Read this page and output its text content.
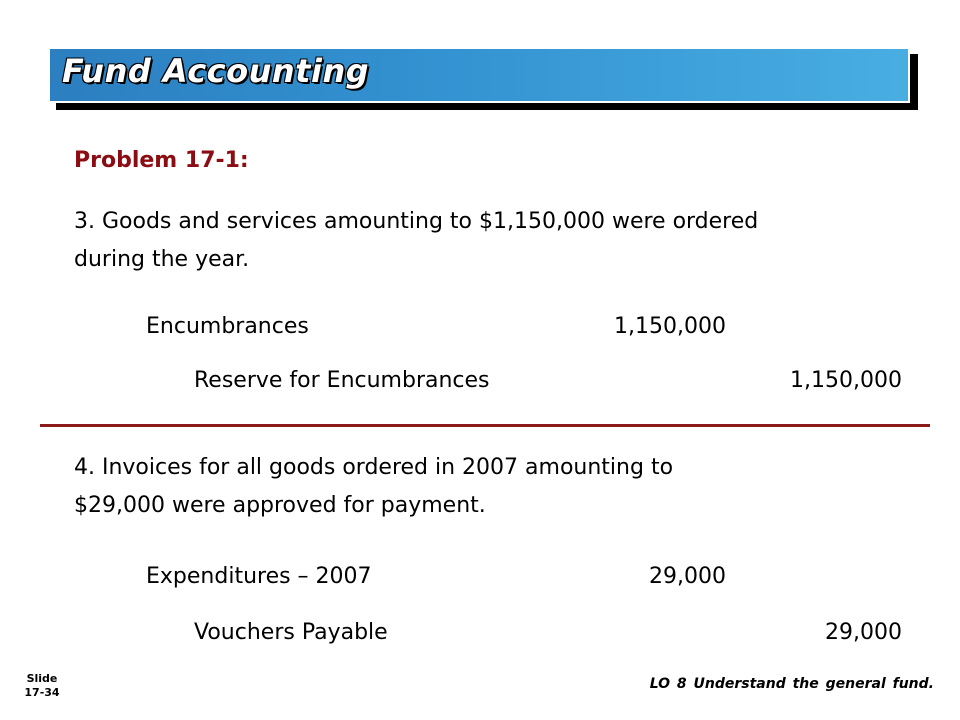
Fund Accounting
Problem 17-1:
3. Goods and services amounting to $1,150,000 were ordered
during the year.
Encumbrances	1,150,000
Reserve for Encumbrances	1,150,000
4. Invoices for all goods ordered in 2007 amounting to
$29,000 were approved for payment.
Expenditures – 2007	29,000
Vouchers Payable	29,000
Slide
17-34
LO 8 Understand the general fund.
